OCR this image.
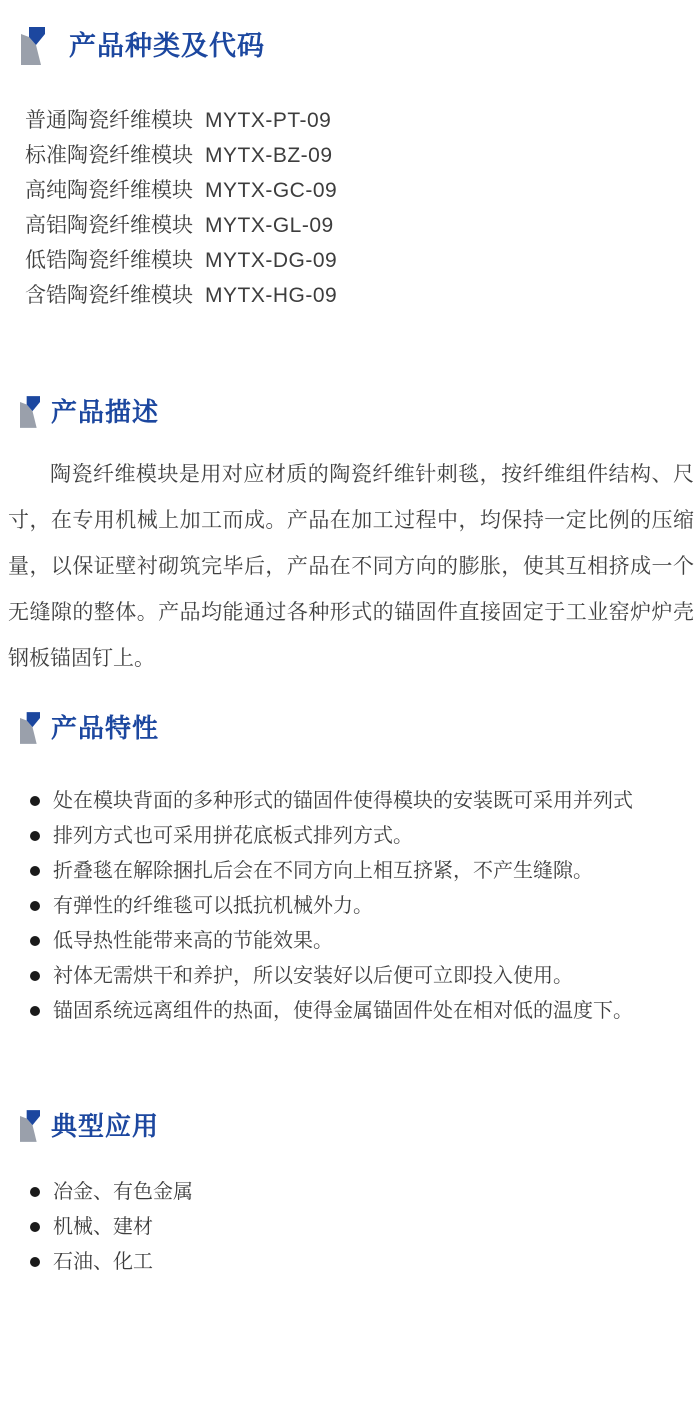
产品种类及代码
普通陶瓷纤维模块 MYTX-PT-09
标准陶瓷纤维模块 MYTX-BZ-09
高纯陶瓷纤维模块 MYTX-GC-09
高铝陶瓷纤维模块 MYTX-GL-09
低锆陶瓷纤维模块 MYTX-DG-09
含锆陶瓷纤维模块 MYTX-HG-09
产品描述

陶瓷纤维模块是用对应材质的陶瓷纤维针刺毯，按纤维组件结构、尺寸，在专用机械上加工而成。产品在加工过程中，均保持一定比例的压缩量，以保证壁衬砌筑完毕后，产品在不同方向的膨胀，使其互相挤成一个无缝隙的整体。产品均能通过各种形式的锚固件直接固定于工业窑炉炉壳钢板锚固钉上。

产品特性
处在模块背面的多种形式的锚固件使得模块的安装既可采用并列式
排列方式也可采用拼花底板式排列方式。
折叠毯在解除捆扎后会在不同方向上相互挤紧，不产生缝隙。
有弹性的纤维毯可以抵抗机械外力。
低导热性能带来高的节能效果。
衬体无需烘干和养护，所以安装好以后便可立即投入使用。
锚固系统远离组件的热面，使得金属锚固件处在相对低的温度下。
典型应用
冶金、有色金属
机械、建材
石油、化工
